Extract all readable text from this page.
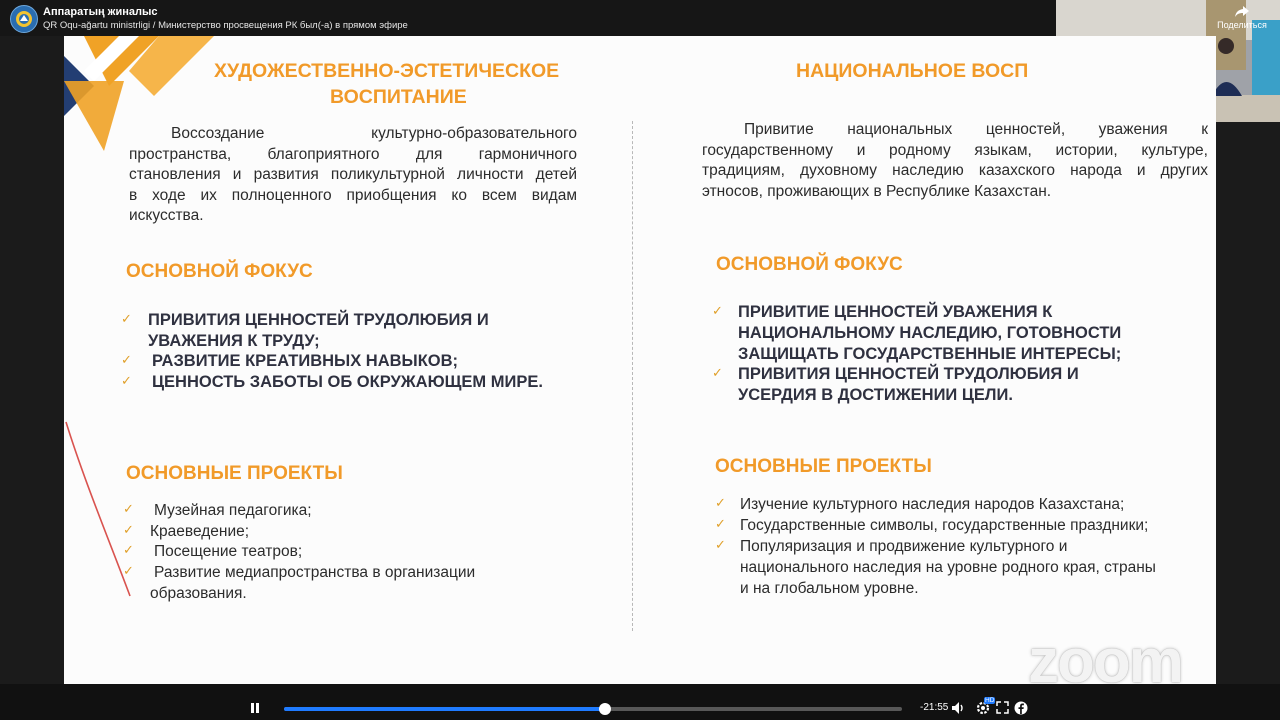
Аппаратың жиналыс
QR Oqu-ağartu ministrligi / Министерство просвещения РК был(-а) в прямом эфире	Поделиться
ХУДОЖЕСТВЕННО-ЭСТЕТИЧЕСКОЕ
ВОСПИТАНИЕ
Воссоздание культурно-образовательного
пространства, благоприятного для гармоничного
становления и развития поликультурной личности детей
в ходе их полноценного приобщения ко всем видам
искусства.
ОСНОВНОЙ ФОКУС
✓ ПРИВИТИЯ ЦЕННОСТЕЙ ТРУДОЛЮБИЯ И
УВАЖЕНИЯ К ТРУДУ;
✓ РАЗВИТИЕ КРЕАТИВНЫХ НАВЫКОВ;
✓ ЦЕННОСТЬ ЗАБОТЫ ОБ ОКРУЖАЮЩЕМ МИРЕ.
ОСНОВНЫЕ ПРОЕКТЫ
✓ Музейная педагогика;
✓ Краеведение;
✓ Посещение театров;
✓ Развитие медиапространства в организации
образования.
НАЦИОНАЛЬНОЕ ВОСП
Привитие национальных ценностей, уважения к
государственному и родному языкам, истории, культуре,
традициям, духовному наследию казахского народа и других
этносов, проживающих в Республике Казахстан.
ОСНОВНОЙ ФОКУС
✓ ПРИВИТИЕ ЦЕННОСТЕЙ УВАЖЕНИЯ К
НАЦИОНАЛЬНОМУ НАСЛЕДИЮ, ГОТОВНОСТИ
ЗАЩИЩАТЬ ГОСУДАРСТВЕННЫЕ ИНТЕРЕСЫ;
✓ ПРИВИТИЯ ЦЕННОСТЕЙ ТРУДОЛЮБИЯ И
УСЕРДИЯ В ДОСТИЖЕНИИ ЦЕЛИ.
ОСНОВНЫЕ ПРОЕКТЫ
✓ Изучение культурного наследия народов Казахстана;
✓ Государственные символы, государственные праздники;
✓ Популяризация и продвижение культурного и
национального наследия на уровне родного края, страны
и на глобальном уровне.
zoom
-21:55
HD
